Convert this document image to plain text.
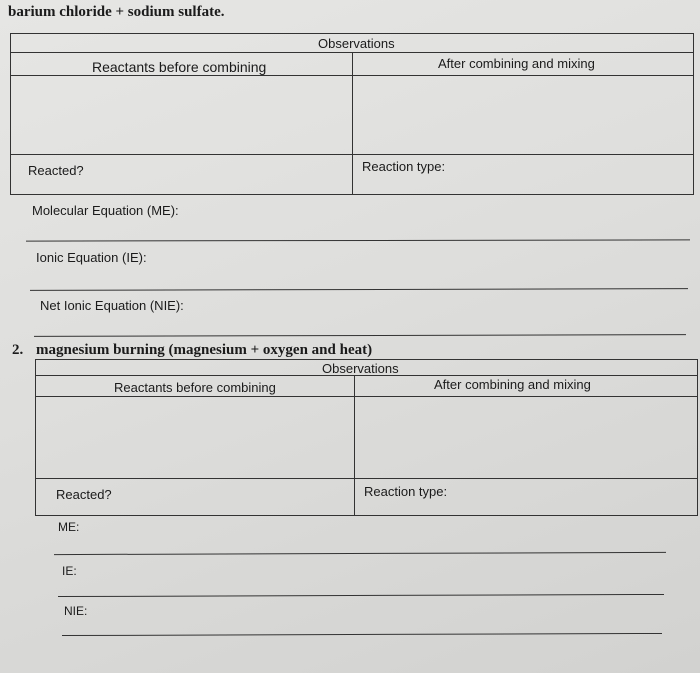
barium chloride + sodium sulfate.
Observations
Reactants before combining	After combining and mixing
Reacted?	Reaction type:
Molecular Equation (ME):
Ionic Equation (IE):
Net Ionic Equation (NIE):
2. magnesium burning (magnesium + oxygen and heat)
Observations
Reactants before combining	After combining and mixing
Reacted?	Reaction type:
ME:
IE:
NIE:
